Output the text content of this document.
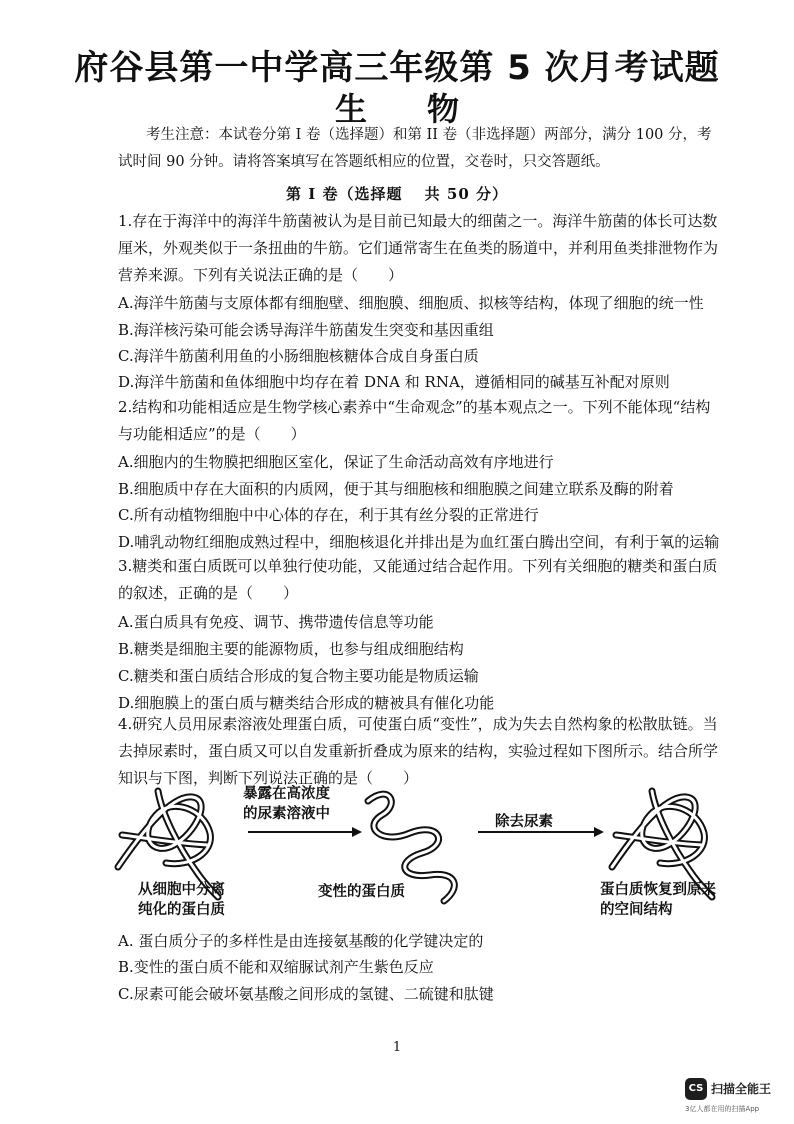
府谷县第一中学高三年级第 5 次月考试题
生物
考生注意：本试卷分第 I 卷（选择题）和第 II 卷（非选择题）两部分，满分 100 分，考
试时间 90 分钟。请将答案填写在答题纸相应的位置，交卷时，只交答题纸。
第 I 卷（选择题　 共 50 分）
1.存在于海洋中的海洋牛筋菌被认为是目前已知最大的细菌之一。海洋牛筋菌的体长可达数厘米，外观类似于一条扭曲的牛筋。它们通常寄生在鱼类的肠道中，并利用鱼类排泄物作为营养来源。下列有关说法正确的是（　　）
A.海洋牛筋菌与支原体都有细胞壁、细胞膜、细胞质、拟核等结构，体现了细胞的统一性
B.海洋核污染可能会诱导海洋牛筋菌发生突变和基因重组
C.海洋牛筋菌利用鱼的小肠细胞核糖体合成自身蛋白质
D.海洋牛筋菌和鱼体细胞中均存在着 DNA 和 RNA，遵循相同的碱基互补配对原则
2.结构和功能相适应是生物学核心素养中“生命观念”的基本观点之一。下列不能体现“结构与功能相适应”的是（　　）
A.细胞内的生物膜把细胞区室化，保证了生命活动高效有序地进行
B.细胞质中存在大面积的内质网，便于其与细胞核和细胞膜之间建立联系及酶的附着
C.所有动植物细胞中中心体的存在，利于其有丝分裂的正常进行
D.哺乳动物红细胞成熟过程中，细胞核退化并排出是为血红蛋白腾出空间，有利于氧的运输
3.糖类和蛋白质既可以单独行使功能，又能通过结合起作用。下列有关细胞的糖类和蛋白质的叙述，正确的是（　　）
A.蛋白质具有免疫、调节、携带遗传信息等功能
B.糖类是细胞主要的能源物质，也参与组成细胞结构
C.糖类和蛋白质结合形成的复合物主要功能是物质运输
D.细胞膜上的蛋白质与糖类结合形成的糖被具有催化功能
4.研究人员用尿素溶液处理蛋白质，可使蛋白质“变性”，成为失去自然构象的松散肽链。当去掉尿素时，蛋白质又可以自发重新折叠成为原来的结构，实验过程如下图所示。结合所学知识与下图，判断下列说法正确的是（　　）
暴露在高浓度
的尿素溶液中	除去尿素
从细胞中分离
纯化的蛋白质
变性的蛋白质	蛋白质恢复到原来
的空间结构
A. 蛋白质分子的多样性是由连接氨基酸的化学键决定的
B.变性的蛋白质不能和双缩脲试剂产生紫色反应
C.尿素可能会破坏氨基酸之间形成的氢键、二硫键和肽键
1
CS 扫描全能王
3亿人都在用的扫描App
